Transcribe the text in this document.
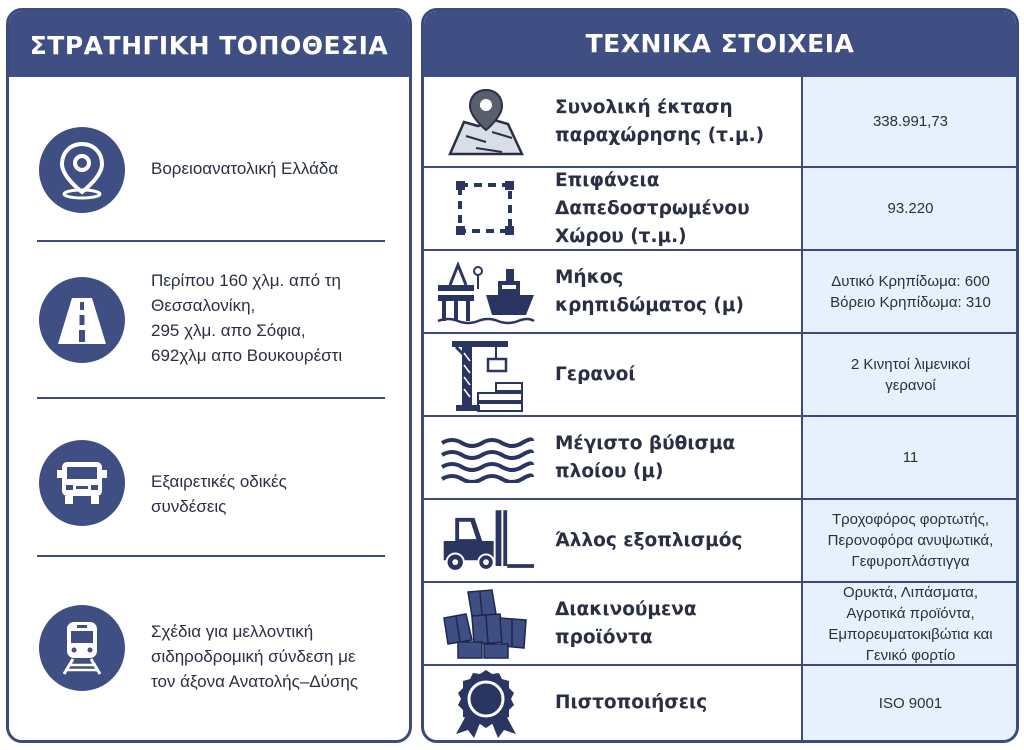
ΣΤΡΑΤΗΓΙΚΗ ΤΟΠΟΘΕΣΙΑ
Βορειοανατολική Ελλάδα
Περίπου 160 χλμ. από τη
Θεσσαλονίκη,
295 χλμ. απο Σόφια,
692χλμ απο Βουκουρέστι
Εξαιρετικές οδικές
συνδέσεις
Σχέδια για μελλοντική
σιδηροδρομική σύνδεση με
τον άξονα Ανατολής–Δύσης
ΤΕΧΝΙΚΑ ΣΤΟΙΧΕΙΑ
Συνολική έκταση
παραχώρησης (τ.μ.)
338.991,73
Επιφάνεια
Δαπεδοστρωμένου
Χώρου (τ.μ.)
93.220
Μήκος
κρηπιδώματος (μ)
Δυτικό Κρηπίδωμα: 600
Βόρειο Κρηπίδωμα: 310
Γερανοί	2 Κινητοί λιμενικοί
γερανοί
Μέγιστο βύθισμα
πλοίου (μ)
11
Άλλος εξοπλισμός
Τροχοφόρος φορτωτής,
Περονοφόρα ανυψωτικά,
Γεφυροπλάστιγγα
Διακινούμενα
προϊόντα
Ορυκτά, Λιπάσματα,
Αγροτικά προϊόντα,
Εμπορευματοκιβώτια και
Γενικό φορτίο
Πιστοποιήσεις	ISO 9001
